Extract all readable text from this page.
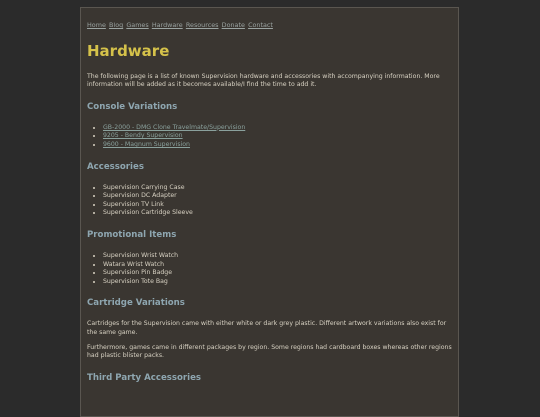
Home Blog Games Hardware Resources Donate Contact
Hardware

The following page is a list of known Supervision hardware and accessories with accompanying information. More information will be added as it becomes available/I find the time to add it.

Console Variations
• GB-2000 - DMG Clone Travelmate/Supervision
• 9205 - Bendy Supervision
• 9600 - Magnum Supervision
Accessories
• Supervision Carrying Case
• Supervision DC Adapter
• Supervision TV Link
• Supervision Cartridge Sleeve
Promotional Items
• Supervision Wrist Watch
• Watara Wrist Watch
• Supervision Pin Badge
• Supervision Tote Bag
Cartridge Variations

Cartridges for the Supervision came with either white or dark grey plastic. Different artwork variations also exist for the same game.

Furthermore, games came in different packages by region. Some regions had cardboard boxes whereas other regions had plastic blister packs.

Third Party Accessories
